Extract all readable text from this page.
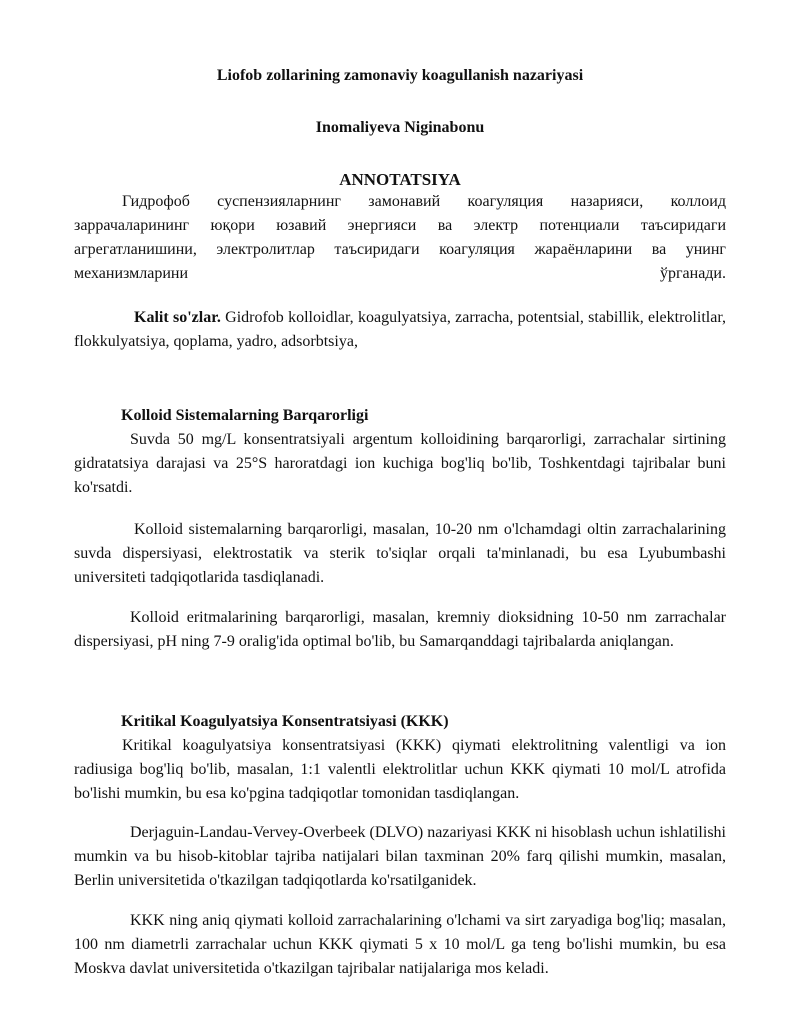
Liofob zollarining zamonaviy koagullanish nazariyasi
Inomaliyeva Niginabonu
ANNOTATSIYA
Гидрофоб суспензияларнинг замонавий коагуляция назарияси, коллоид заррачаларининг юқори юзавий энергияси ва электр потенциали таъсиридаги агрегатланишини, электролитлар таъсиридаги коагуляция жараёнларини ва унинг механизмларини ўрганади.
Kalit so'zlar. Gidrofob kolloidlar, koagulyatsiya, zarracha, potentsial, stabillik, elektrolitlar, flokkulyatsiya, qoplama, yadro, adsorbtsiya,
Kolloid Sistemalarning Barqarorligi
Suvda 50 mg/L konsentratsiyali argentum kolloidining barqarorligi, zarrachalar sirtining gidratatsiya darajasi va 25°S haroratdagi ion kuchiga bog'liq bo'lib, Toshkentdagi tajribalar buni ko'rsatdi.
Kolloid sistemalarning barqarorligi, masalan, 10-20 nm o'lchamdagi oltin zarrachalarining suvda dispersiyasi, elektrostatik va sterik to'siqlar orqali ta'minlanadi, bu esa Lyubumbashi universiteti tadqiqotlarida tasdiqlanadi.
Kolloid eritmalarining barqarorligi, masalan, kremniy dioksidning 10-50 nm zarrachalar dispersiyasi, pH ning 7-9 oralig'ida optimal bo'lib, bu Samarqanddagi tajribalarda aniqlangan.
Kritikal Koagulyatsiya Konsentratsiyasi (KKK)
Kritikal koagulyatsiya konsentratsiyasi (KKK) qiymati elektrolitning valentligi va ion radiusiga bog'liq bo'lib, masalan, 1:1 valentli elektrolitlar uchun KKK qiymati 10 mol/L atrofida bo'lishi mumkin, bu esa ko'pgina tadqiqotlar tomonidan tasdiqlangan.
Derjaguin-Landau-Vervey-Overbeek (DLVO) nazariyasi KKK ni hisoblash uchun ishlatilishi mumkin va bu hisob-kitoblar tajriba natijalari bilan taxminan 20% farq qilishi mumkin, masalan, Berlin universitetida o'tkazilgan tadqiqotlarda ko'rsatilganidek.
KKK ning aniq qiymati kolloid zarrachalarining o'lchami va sirt zaryadiga bog'liq; masalan, 100 nm diametrli zarrachalar uchun KKK qiymati 5 x 10 mol/L ga teng bo'lishi mumkin, bu esa Moskva davlat universitetida o'tkazilgan tajribalar natijalariga mos keladi.
